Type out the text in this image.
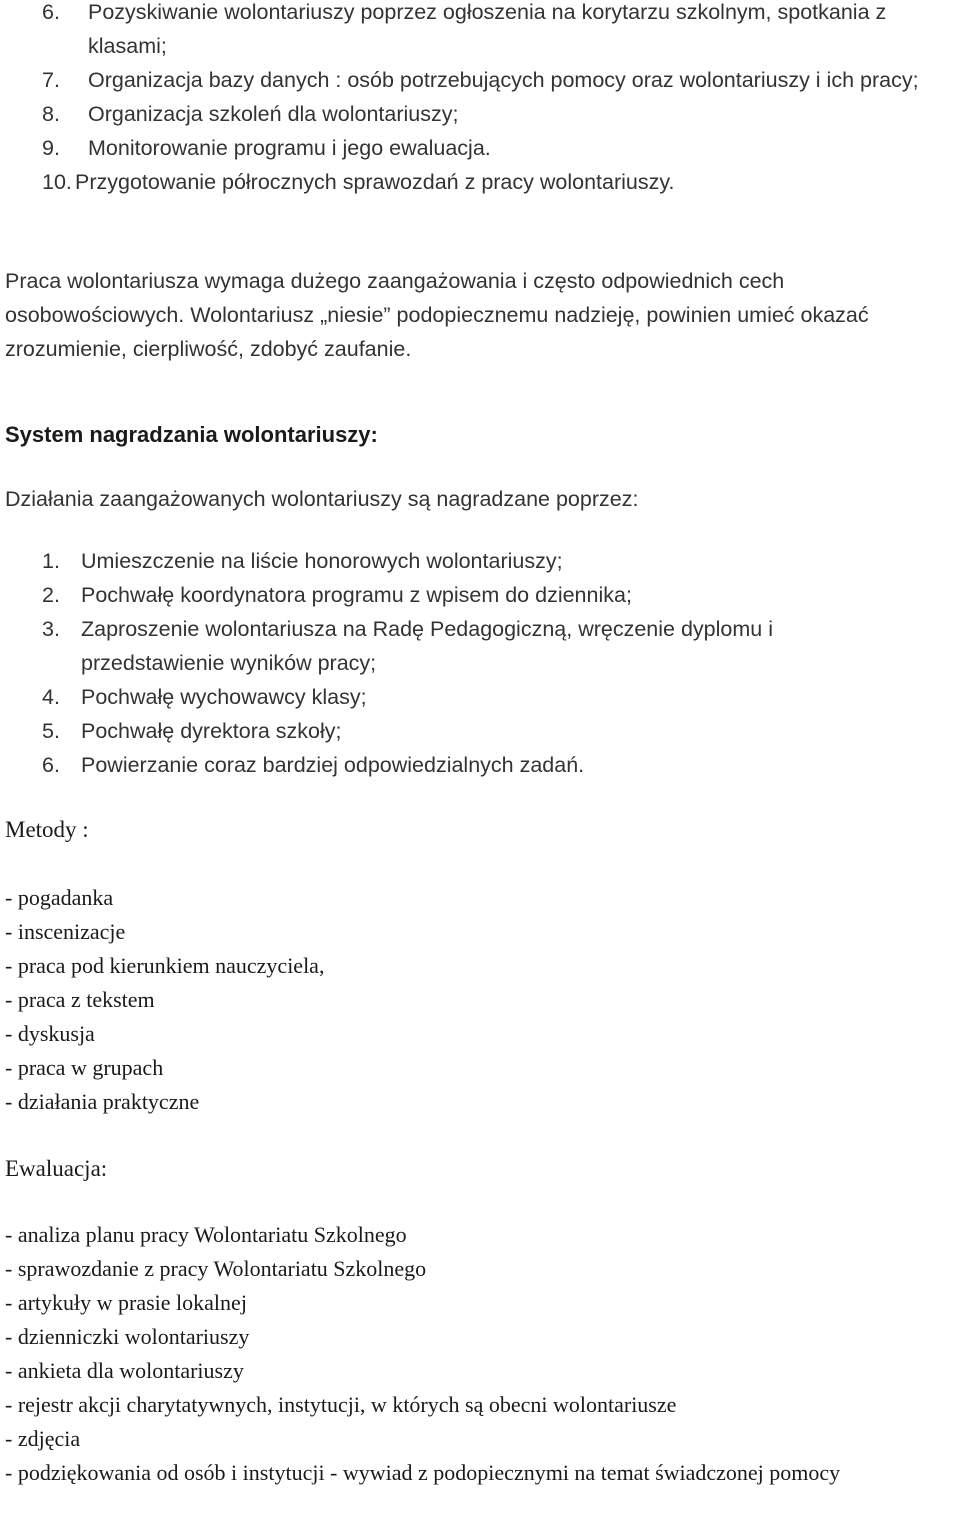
6. Pozyskiwanie wolontariuszy poprzez ogłoszenia na korytarzu szkolnym, spotkania z klasami;
7. Organizacja bazy danych : osób potrzebujących pomocy oraz wolontariuszy i ich pracy;
8. Organizacja szkoleń dla wolontariuszy;
9. Monitorowanie programu i jego ewaluacja.
10. Przygotowanie półrocznych sprawozdań z pracy wolontariuszy.

Praca wolontariusza wymaga dużego zaangażowania i często odpowiednich cech osobowościowych. Wolontariusz „niesie” podopiecznemu nadzieję, powinien umieć okazać zrozumienie, cierpliwość, zdobyć zaufanie.

System nagradzania wolontariuszy:

Działania zaangażowanych wolontariuszy są nagradzane poprzez:

1. Umieszczenie na liście honorowych wolontariuszy;
2. Pochwałę koordynatora programu z wpisem do dziennika;
3. Zaproszenie wolontariusza na Radę Pedagogiczną, wręczenie dyplomu i przedstawienie wyników pracy;
4. Pochwałę wychowawcy klasy;
5. Pochwałę dyrektora szkoły;
6. Powierzanie coraz bardziej odpowiedzialnych zadań.

Metody :

- pogadanka
- inscenizacje
- praca pod kierunkiem nauczyciela,
- praca z tekstem
- dyskusja
- praca w grupach
- działania praktyczne

Ewaluacja:

- analiza planu pracy Wolontariatu Szkolnego
- sprawozdanie z pracy Wolontariatu Szkolnego
- artykuły w prasie lokalnej
- dzienniczki wolontariuszy
- ankieta dla wolontariuszy
- rejestr akcji charytatywnych, instytucji, w których są obecni wolontariusze
- zdjęcia
- podziękowania od osób i instytucji - wywiad z podopiecznymi na temat świadczonej pomocy
